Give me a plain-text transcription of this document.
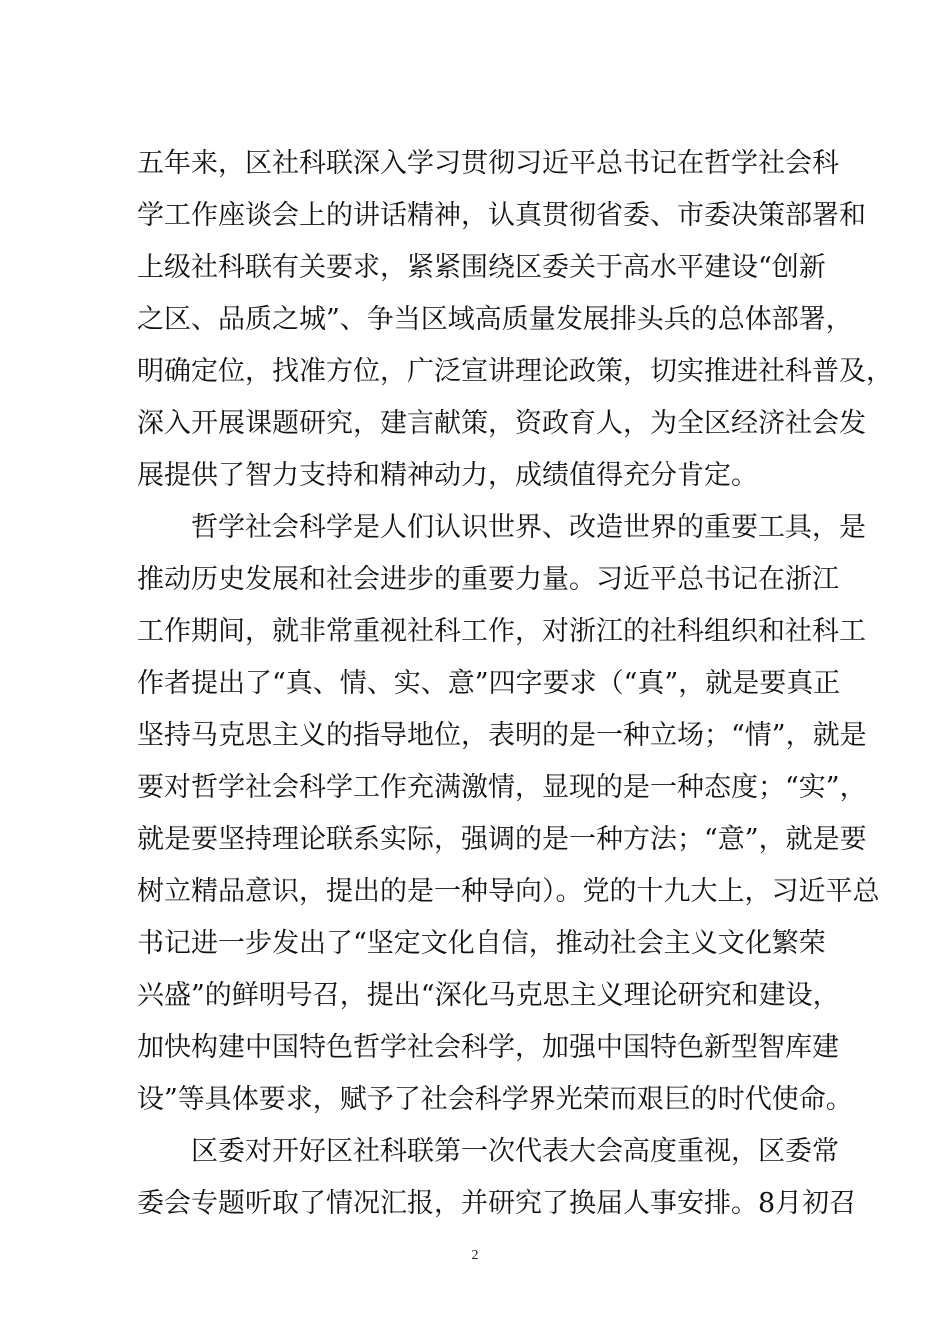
五年来，区社科联深入学习贯彻习近平总书记在哲学社会科
学工作座谈会上的讲话精神，认真贯彻省委、市委决策部署和
上级社科联有关要求，紧紧围绕区委关于高水平建设“创新
之区、品质之城”、争当区域高质量发展排头兵的总体部署，
明确定位，找准方位，广泛宣讲理论政策，切实推进社科普及，
深入开展课题研究，建言献策，资政育人，为全区经济社会发
展提供了智力支持和精神动力，成绩值得充分肯定。
哲学社会科学是人们认识世界、改造世界的重要工具，是
推动历史发展和社会进步的重要力量。习近平总书记在浙江
工作期间，就非常重视社科工作，对浙江的社科组织和社科工
作者提出了“真、情、实、意”四字要求（“真”，就是要真正
坚持马克思主义的指导地位，表明的是一种立场；“情”，就是
要对哲学社会科学工作充满激情，显现的是一种态度；“实”，
就是要坚持理论联系实际，强调的是一种方法；“意”，就是要
树立精品意识，提出的是一种导向）。党的十九大上，习近平总
书记进一步发出了“坚定文化自信，推动社会主义文化繁荣
兴盛”的鲜明号召，提出“深化马克思主义理论研究和建设，
加快构建中国特色哲学社会科学，加强中国特色新型智库建
设”等具体要求，赋予了社会科学界光荣而艰巨的时代使命。
区委对开好区社科联第一次代表大会高度重视，区委常
委会专题听取了情况汇报，并研究了换届人事安排。8月初召
2
